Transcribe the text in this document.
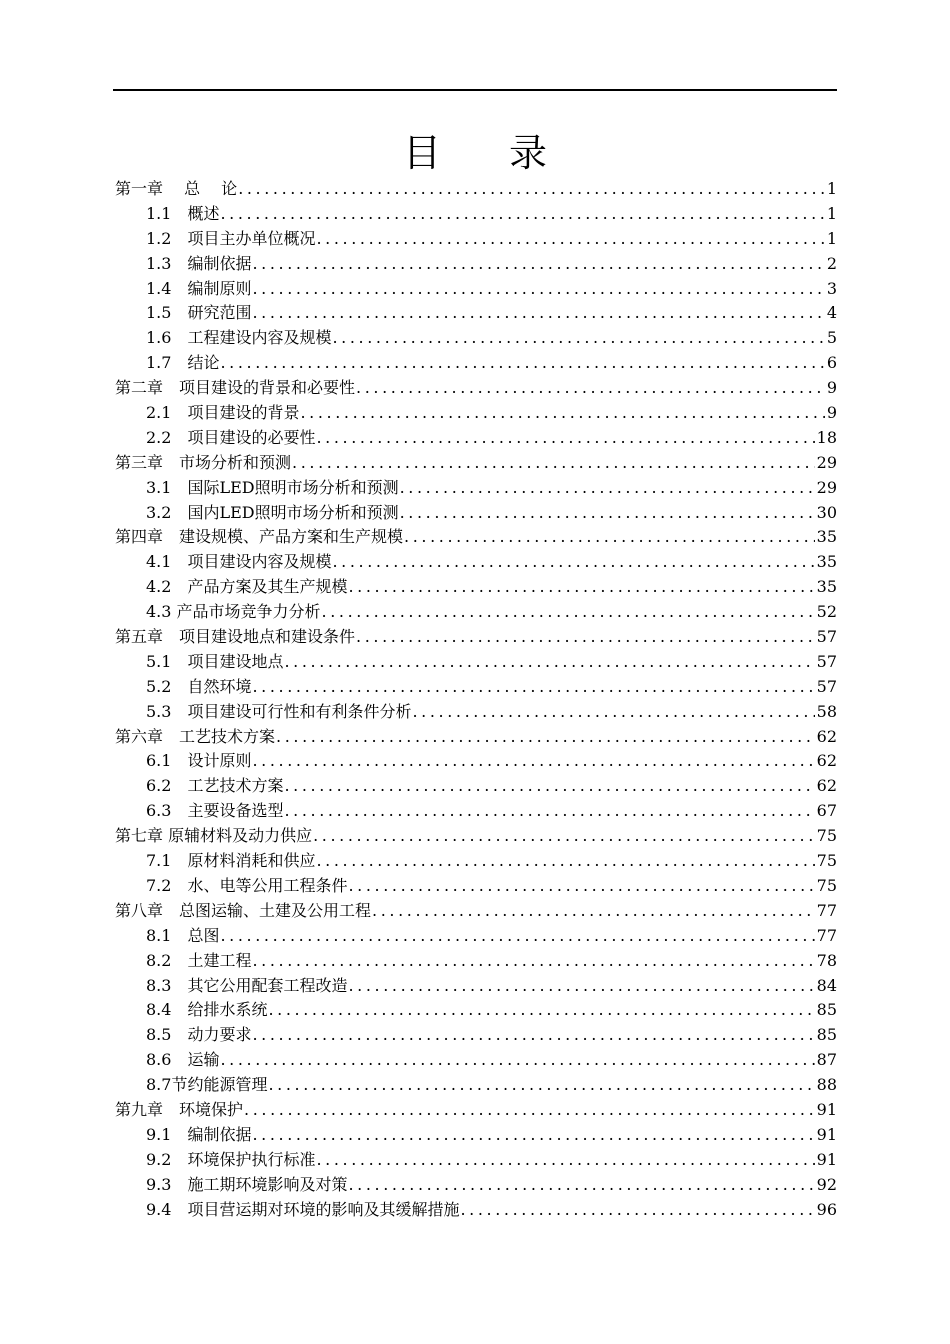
目 录
第一章　 总　 论 .....	1
1.1　概述 .....	1
1.2　项目主办单位概况 .....	1
1.3　编制依据 .....	2
1.4　编制原则 .....	3
1.5　研究范围 .....	4
1.6　工程建设内容及规模 .....	5
1.7　结论 .....	6
第二章　项目建设的背景和必要性 .....	9
2.1　项目建设的背景 .....	9
2.2　项目建设的必要性 .....	18
第三章　市场分析和预测 .....	29
3.1　国际LED照明市场分析和预测 .....	29
3.2　国内LED照明市场分析和预测 .....	30
第四章　建设规模、产品方案和生产规模 .....	35
4.1　项目建设内容及规模 .....	35
4.2　产品方案及其生产规模 .....	35
4.3 产品市场竞争力分析 .....	52
第五章　项目建设地点和建设条件 .....	57
5.1　项目建设地点 .....	57
5.2　自然环境 .....	57
5.3　项目建设可行性和有利条件分析 .....	58
第六章　工艺技术方案 .....	62
6.1　设计原则 .....	62
6.2　工艺技术方案 .....	62
6.3　主要设备选型 .....	67
第七章 原辅材料及动力供应 .....	75
7.1　原材料消耗和供应 .....	75
7.2　水、电等公用工程条件 .....	75
第八章　总图运输、土建及公用工程 .....	77
8.1　总图 .....	77
8.2　土建工程 .....	78
8.3　其它公用配套工程改造 .....	84
8.4　给排水系统 .....	85
8.5　动力要求 .....	85
8.6　运输 .....	87
8.7节约能源管理 .....	88
第九章　环境保护 .....	91
9.1　编制依据 .....	91
9.2　环境保护执行标准 .....	91
9.3　施工期环境影响及对策 .....	92
9.4　项目营运期对环境的影响及其缓解措施 .....	96
